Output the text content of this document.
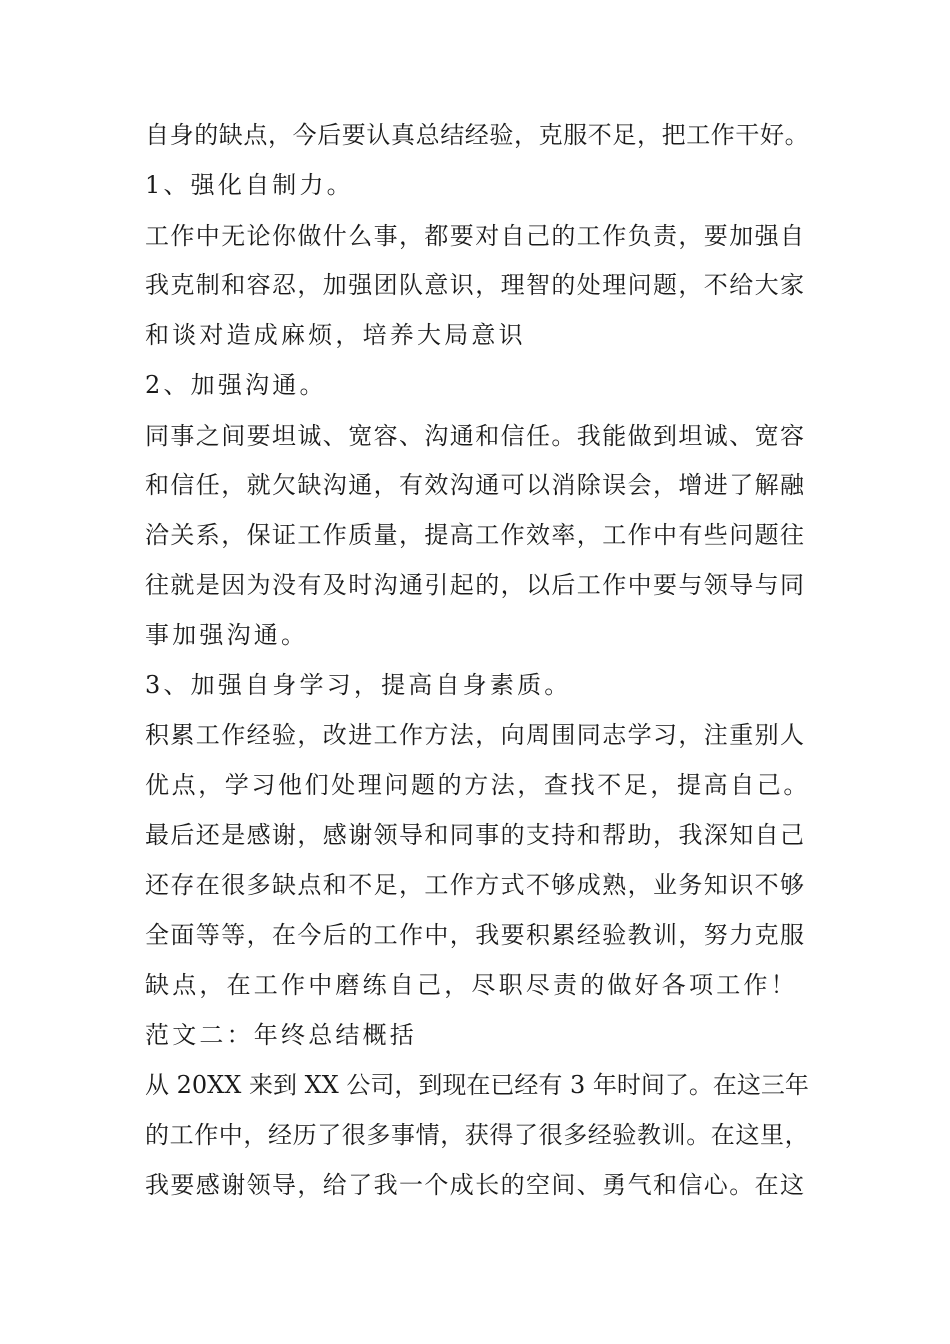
自身的缺点，今后要认真总结经验，克服不足，把工作干好。
1、强化自制力。
工作中无论你做什么事，都要对自己的工作负责，要加强自
我克制和容忍，加强团队意识，理智的处理问题，不给大家
和谈对造成麻烦，培养大局意识
2、加强沟通。
同事之间要坦诚、宽容、沟通和信任。我能做到坦诚、宽容
和信任，就欠缺沟通，有效沟通可以消除误会，增进了解融
洽关系，保证工作质量，提高工作效率，工作中有些问题往
往就是因为没有及时沟通引起的，以后工作中要与领导与同
事加强沟通。
3、加强自身学习，提高自身素质。
积累工作经验，改进工作方法，向周围同志学习，注重别人
优点，学习他们处理问题的方法，查找不足，提高自己。
最后还是感谢，感谢领导和同事的支持和帮助，我深知自己
还存在很多缺点和不足，工作方式不够成熟，业务知识不够
全面等等，在今后的工作中，我要积累经验教训，努力克服
缺点，在工作中磨练自己，尽职尽责的做好各项工作！
范文二：年终总结概括
从 20XX 来到 XX 公司，到现在已经有 3 年时间了。在这三年
的工作中，经历了很多事情，获得了很多经验教训。在这里，
我要感谢领导，给了我一个成长的空间、勇气和信心。在这
